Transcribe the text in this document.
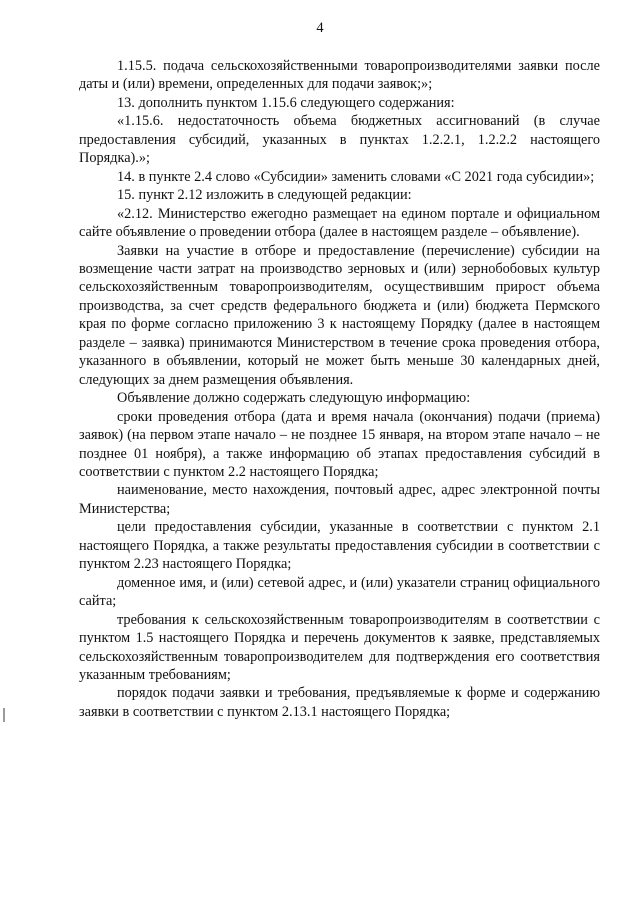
4

1.15.5. подача сельскохозяйственными товаропроизводителями заявки после даты и (или) времени, определенных для подачи заявок;»;

13. дополнить пунктом 1.15.6 следующего содержания:

«1.15.6. недостаточность объема бюджетных ассигнований (в случае предоставления субсидий, указанных в пунктах 1.2.2.1, 1.2.2.2 настоящего Порядка).»;

14. в пункте 2.4 слово «Субсидии» заменить словами «С 2021 года субсидии»;

15. пункт 2.12 изложить в следующей редакции:

«2.12. Министерство ежегодно размещает на едином портале и официальном сайте объявление о проведении отбора (далее в настоящем разделе – объявление).

Заявки на участие в отборе и предоставление (перечисление) субсидии на возмещение части затрат на производство зерновых и (или) зернобобовых культур сельскохозяйственным товаропроизводителям, осуществившим прирост объема производства, за счет средств федерального бюджета и (или) бюджета Пермского края по форме согласно приложению 3 к настоящему Порядку (далее в настоящем разделе – заявка) принимаются Министерством в течение срока проведения отбора, указанного в объявлении, который не может быть меньше 30 календарных дней, следующих за днем размещения объявления.

Объявление должно содержать следующую информацию:

сроки проведения отбора (дата и время начала (окончания) подачи (приема) заявок) (на первом этапе начало – не позднее 15 января, на втором этапе начало – не позднее 01 ноября), а также информацию об этапах предоставления субсидий в соответствии с пунктом 2.2 настоящего Порядка;

наименование, место нахождения, почтовый адрес, адрес электронной почты Министерства;

цели предоставления субсидии, указанные в соответствии с пунктом 2.1 настоящего Порядка, а также результаты предоставления субсидии в соответствии с пунктом 2.23 настоящего Порядка;

доменное имя, и (или) сетевой адрес, и (или) указатели страниц официального сайта;

требования к сельскохозяйственным товаропроизводителям в соответствии с пунктом 1.5 настоящего Порядка и перечень документов к заявке, представляемых сельскохозяйственным товаропроизводителем для подтверждения его соответствия указанным требованиям;

порядок подачи заявки и требования, предъявляемые к форме и содержанию заявки в соответствии с пунктом 2.13.1 настоящего Порядка;
